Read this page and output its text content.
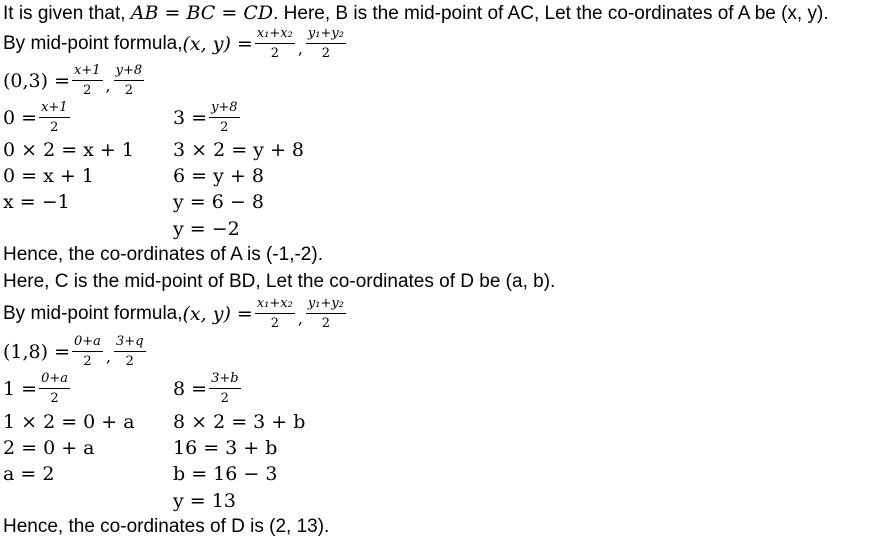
It is given that, AB = BC = CD. Here, B is the mid-point of AC, Let the co-ordinates of A be (x, y).
By mid-point formula, (x, $y) = \frac{\text{x₁+x₂}}{2}$ , $\frac{\text{y₁+y₂}}{2}$
$(0,3) = \frac{x+1}{2}$ , $\frac{y+8}{2}$
$0 = \frac{x+1}{2}$
0 × 2 = x + 1
0 = x + 1
x = −1
$3 = \frac{y+8}{2}$
3 × 2 = y + 8
6 = y + 8
y = 6 − 8
y = −2
Hence, the co-ordinates of A is (-1,-2).
Here, C is the mid-point of BD, Let the co-ordinates of D be (a, b).
By mid-point formula, (x, $y) = \frac{\text{x₁+x₂}}{2}$ , $\frac{\text{y₁+y₂}}{2}$
$(1,8) = \frac{0+a}{2}$ , $\frac{3+q}{2}$
$1 = \frac{0+a}{2}$
1 × 2 = 0 + a
2 = 0 + a
a = 2
$8 = \frac{3+b}{2}$
8 × 2 = 3 + b
16 = 3 + b
b = 16 − 3
y = 13
Hence, the co-ordinates of D is (2, 13).
